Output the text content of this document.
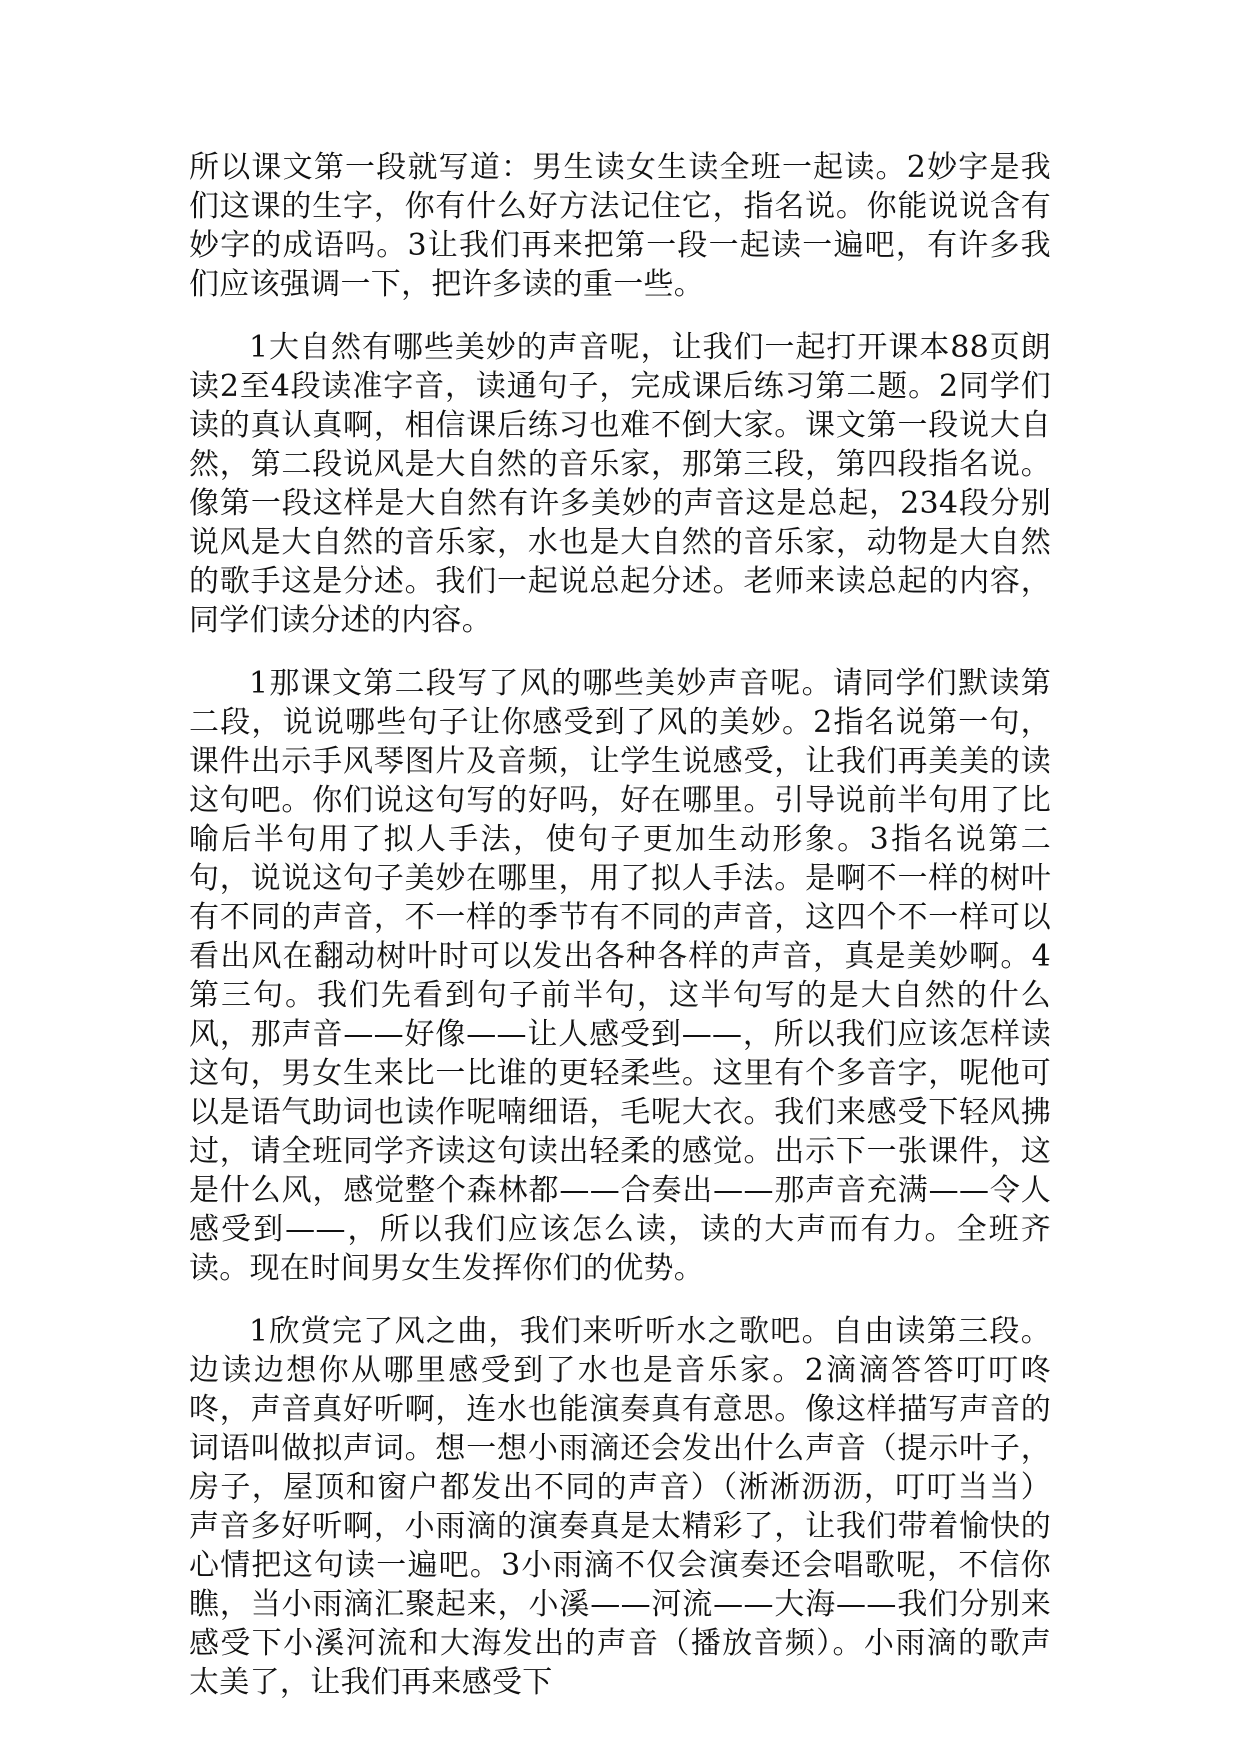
所以课文第一段就写道：男生读女生读全班一起读。2妙字是我们这课的生字，你有什么好方法记住它，指名说。你能说说含有妙字的成语吗。3让我们再来把第一段一起读一遍吧，有许多我们应该强调一下，把许多读的重一些。

1大自然有哪些美妙的声音呢，让我们一起打开课本88页朗读2至4段读准字音，读通句子，完成课后练习第二题。2同学们读的真认真啊，相信课后练习也难不倒大家。课文第一段说大自然，第二段说风是大自然的音乐家，那第三段，第四段指名说。像第一段这样是大自然有许多美妙的声音这是总起，234段分别说风是大自然的音乐家，水也是大自然的音乐家，动物是大自然的歌手这是分述。我们一起说总起分述。老师来读总起的内容，同学们读分述的内容。

1那课文第二段写了风的哪些美妙声音呢。请同学们默读第二段，说说哪些句子让你感受到了风的美妙。2指名说第一句，课件出示手风琴图片及音频，让学生说感受，让我们再美美的读这句吧。你们说这句写的好吗，好在哪里。引导说前半句用了比喻后半句用了拟人手法，使句子更加生动形象。3指名说第二句，说说这句子美妙在哪里，用了拟人手法。是啊不一样的树叶有不同的声音，不一样的季节有不同的声音，这四个不一样可以看出风在翻动树叶时可以发出各种各样的声音，真是美妙啊。4第三句。我们先看到句子前半句，这半句写的是大自然的什么风，那声音——好像——让人感受到——，所以我们应该怎样读这句，男女生来比一比谁的更轻柔些。这里有个多音字，呢他可以是语气助词也读作呢喃细语，毛呢大衣。我们来感受下轻风拂过，请全班同学齐读这句读出轻柔的感觉。出示下一张课件，这是什么风，感觉整个森林都——合奏出——那声音充满——令人感受到——，所以我们应该怎么读，读的大声而有力。全班齐读。现在时间男女生发挥你们的优势。

1欣赏完了风之曲，我们来听听水之歌吧。自由读第三段。边读边想你从哪里感受到了水也是音乐家。2滴滴答答叮叮咚咚，声音真好听啊，连水也能演奏真有意思。像这样描写声音的词语叫做拟声词。想一想小雨滴还会发出什么声音（提示叶子，房子，屋顶和窗户都发出不同的声音）（淅淅沥沥，叮叮当当）声音多好听啊，小雨滴的演奏真是太精彩了，让我们带着愉快的心情把这句读一遍吧。3小雨滴不仅会演奏还会唱歌呢，不信你瞧，当小雨滴汇聚起来，小溪——河流——大海——我们分别来感受下小溪河流和大海发出的声音（播放音频）。小雨滴的歌声太美了，让我们再来感受下
